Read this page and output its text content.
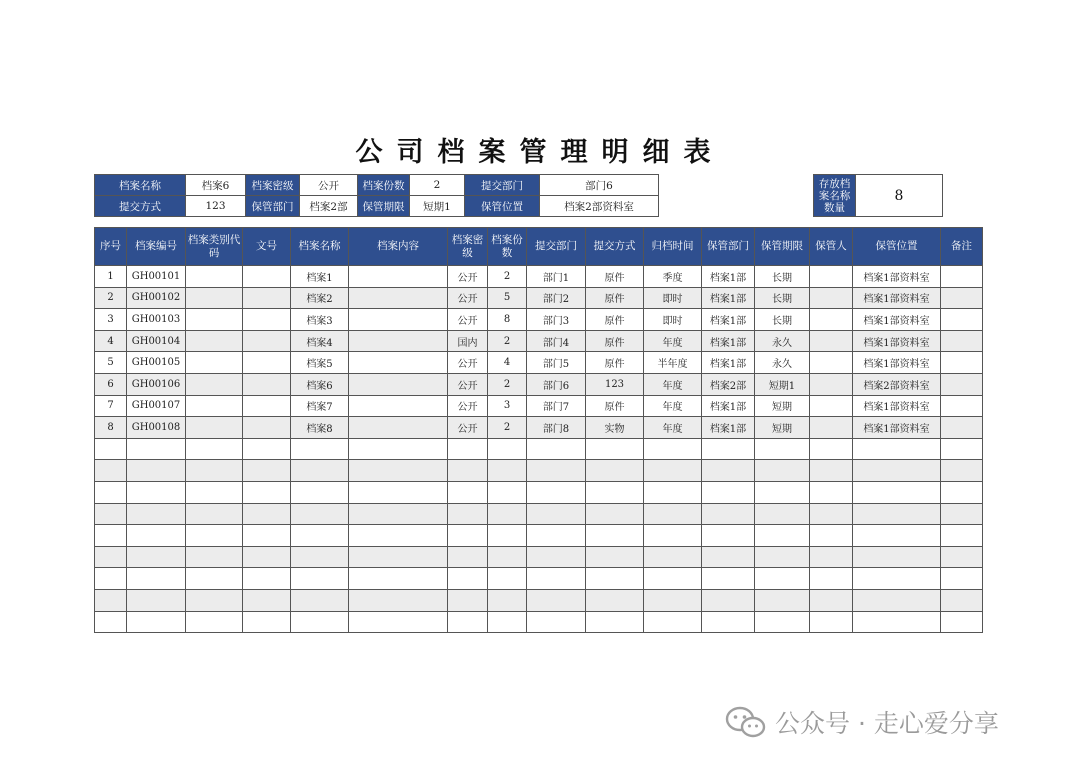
公司档案管理明细表
档案名称	档案6	档案密级	公开	档案份数	2	提交部门	部门6
提交方式	123	保管部门	档案2部	保管期限	短期1	保管位置	档案2部资料室
存放档案名称数量	8
序号	档案编号	档案类别代码	文号	档案名称	档案内容	档案密级	档案份数	提交部门	提交方式	归档时间	保管部门	保管期限	保管人	保管位置	备注
1	GH00101			档案1		公开	2	部门1	原件	季度	档案1部	长期		档案1部资料室	
2	GH00102			档案2		公开	5	部门2	原件	即时	档案1部	长期		档案1部资料室	
3	GH00103			档案3		公开	8	部门3	原件	即时	档案1部	长期		档案1部资料室	
4	GH00104			档案4		国内	2	部门4	原件	年度	档案1部	永久		档案1部资料室	
5	GH00105			档案5		公开	4	部门5	原件	半年度	档案1部	永久		档案1部资料室	
6	GH00106			档案6		公开	2	部门6	123	年度	档案2部	短期1		档案2部资料室	
7	GH00107			档案7		公开	3	部门7	原件	年度	档案1部	短期		档案1部资料室	
8	GH00108			档案8		公开	2	部门8	实物	年度	档案1部	短期		档案1部资料室	

公众号 · 走心爱分享
